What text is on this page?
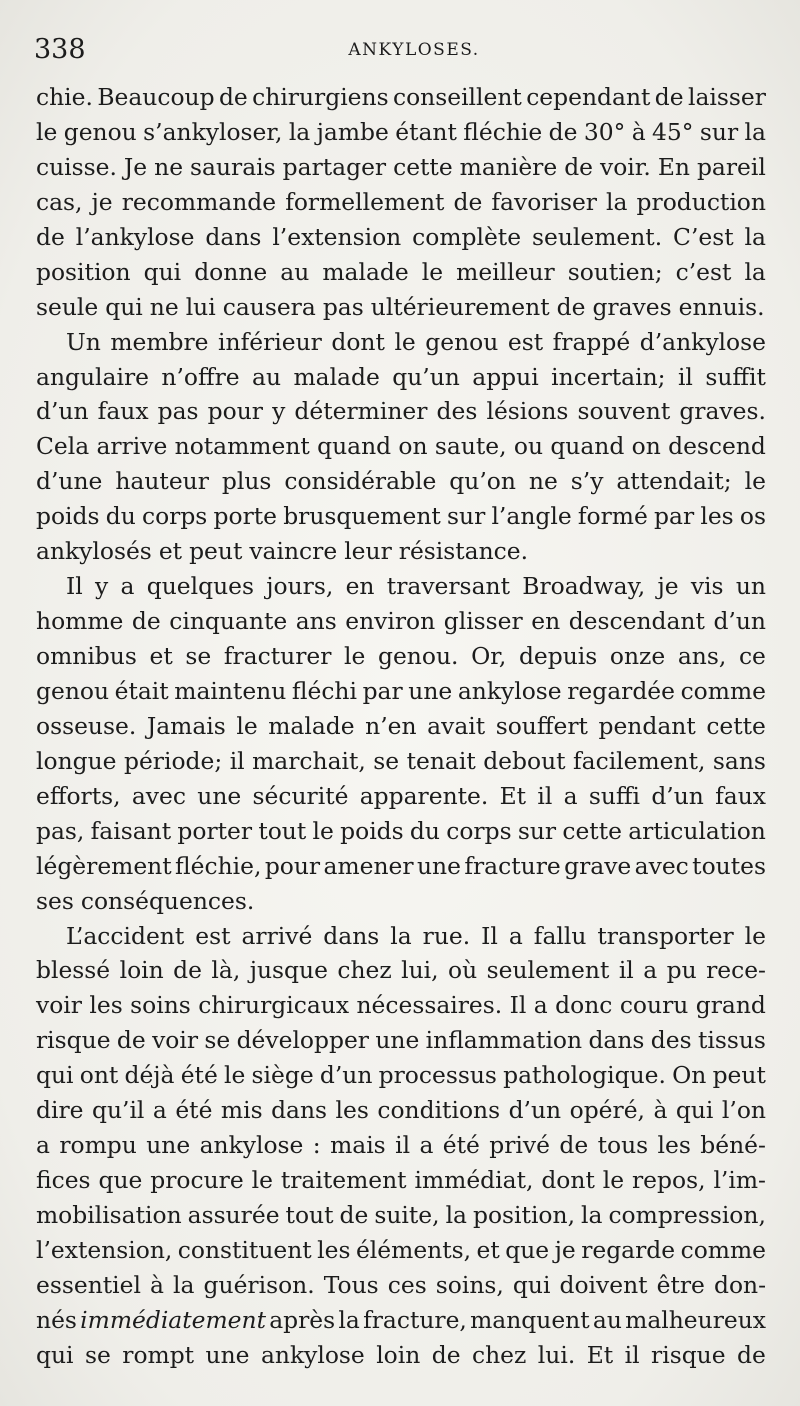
338	ANKYLOSES.
chie. Beaucoup de chirurgiens conseillent cependant de laisser
le genou s’ankyloser, la jambe étant fléchie de 30° à 45° sur la
cuisse. Je ne saurais partager cette manière de voir. En pareil
cas, je recommande formellement de favoriser la production
de l’ankylose dans l’extension complète seulement. C’est la
position qui donne au malade le meilleur soutien; c’est la
seule qui ne lui causera pas ultérieurement de graves ennuis.
Un membre inférieur dont le genou est frappé d’ankylose
angulaire n’offre au malade qu’un appui incertain; il suffit
d’un faux pas pour y déterminer des lésions souvent graves.
Cela arrive notamment quand on saute, ou quand on descend
d’une hauteur plus considérable qu’on ne s’y attendait; le
poids du corps porte brusquement sur l’angle formé par les os
ankylosés et peut vaincre leur résistance.
Il y a quelques jours, en traversant Broadway, je vis un
homme de cinquante ans environ glisser en descendant d’un
omnibus et se fracturer le genou. Or, depuis onze ans, ce
genou était maintenu fléchi par une ankylose regardée comme
osseuse. Jamais le malade n’en avait souffert pendant cette
longue période; il marchait, se tenait debout facilement, sans
efforts, avec une sécurité apparente. Et il a suffi d’un faux
pas, faisant porter tout le poids du corps sur cette articulation
légèrement fléchie, pour amener une fracture grave avec toutes
ses conséquences.
L’accident est arrivé dans la rue. Il a fallu transporter le
blessé loin de là, jusque chez lui, où seulement il a pu rece-
voir les soins chirurgicaux nécessaires. Il a donc couru grand
risque de voir se développer une inflammation dans des tissus
qui ont déjà été le siège d’un processus pathologique. On peut
dire qu’il a été mis dans les conditions d’un opéré, à qui l’on
a rompu une ankylose : mais il a été privé de tous les béné-
fices que procure le traitement immédiat, dont le repos, l’im-
mobilisation assurée tout de suite, la position, la compression,
l’extension, constituent les éléments, et que je regarde comme
essentiel à la guérison. Tous ces soins, qui doivent être don-
nés immédiatement après la fracture, manquent au malheureux
qui se rompt une ankylose loin de chez lui. Et il risque de
